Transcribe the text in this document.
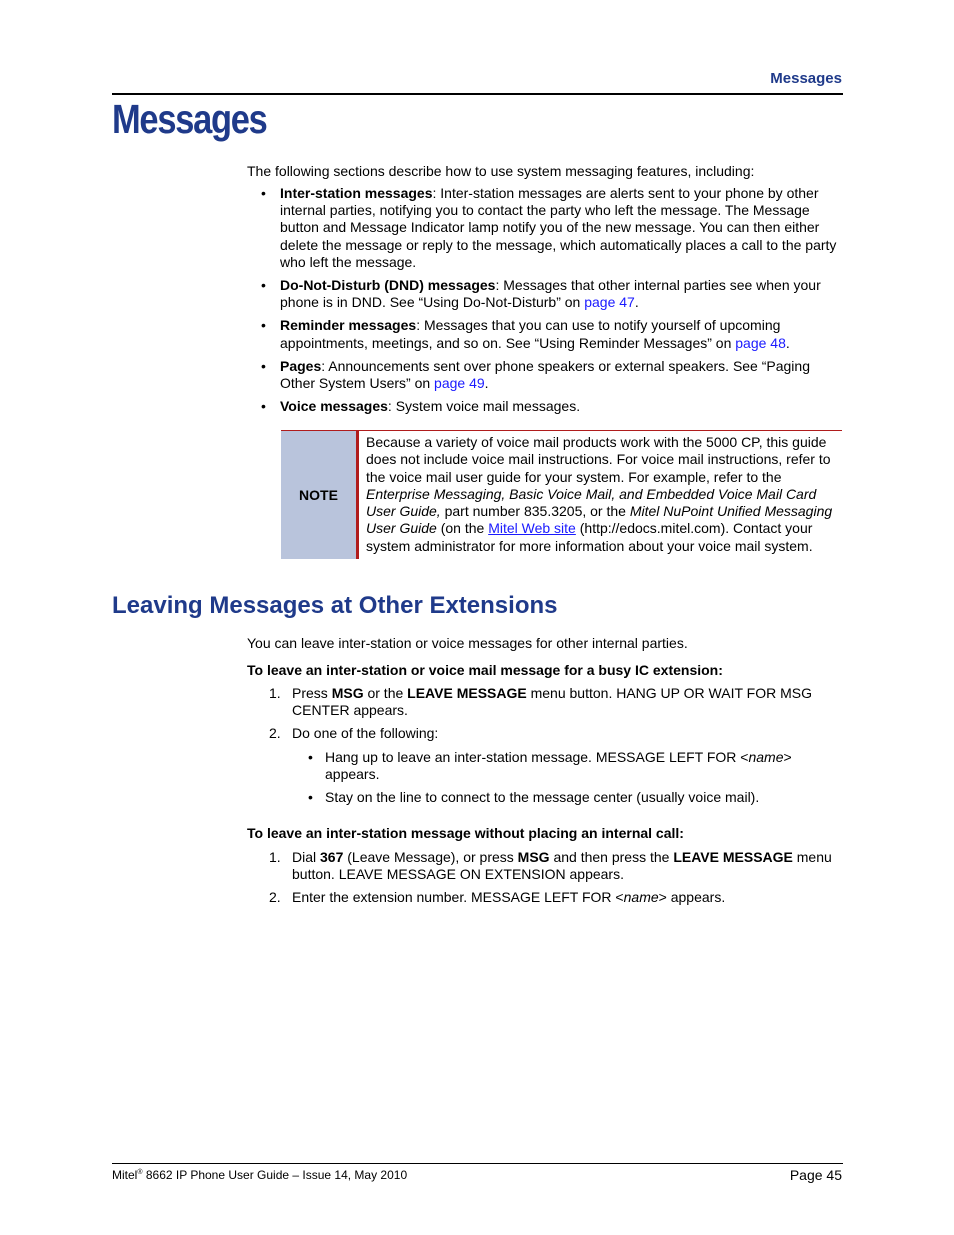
Messages
Messages

The following sections describe how to use system messaging features, including:

• Inter-station messages: Inter-station messages are alerts sent to your phone by other internal parties, notifying you to contact the party who left the message. The Message button and Message Indicator lamp notify you of the new message. You can then either delete the message or reply to the message, which automatically places a call to the party who left the message.
• Do-Not-Disturb (DND) messages: Messages that other internal parties see when your phone is in DND. See “Using Do-Not-Disturb” on page 47.
• Reminder messages: Messages that you can use to notify yourself of upcoming appointments, meetings, and so on. See “Using Reminder Messages” on page 48.
• Pages: Announcements sent over phone speakers or external speakers. See “Paging Other System Users” on page 49.
• Voice messages: System voice mail messages.
NOTE
Because a variety of voice mail products work with the 5000 CP, this guide does not include voice mail instructions. For voice mail instructions, refer to the voice mail user guide for your system. For example, refer to the Enterprise Messaging, Basic Voice Mail, and Embedded Voice Mail Card User Guide, part number 835.3205, or the Mitel NuPoint Unified Messaging User Guide (on the Mitel Web site (http://edocs.mitel.com). Contact your system administrator for more information about your voice mail system.
Leaving Messages at Other Extensions

You can leave inter-station or voice messages for other internal parties.

To leave an inter-station or voice mail message for a busy IC extension:

1. Press MSG or the LEAVE MESSAGE menu button. HANG UP OR WAIT FOR MSG CENTER appears.
2. Do one of the following:
• Hang up to leave an inter-station message. MESSAGE LEFT FOR <name> appears.
• Stay on the line to connect to the message center (usually voice mail).

To leave an inter-station message without placing an internal call:

1. Dial 367 (Leave Message), or press MSG and then press the LEAVE MESSAGE menu button. LEAVE MESSAGE ON EXTENSION appears.
2. Enter the extension number. MESSAGE LEFT FOR <name> appears.
Mitel® 8662 IP Phone User Guide – Issue 14, May 2010	Page 45
